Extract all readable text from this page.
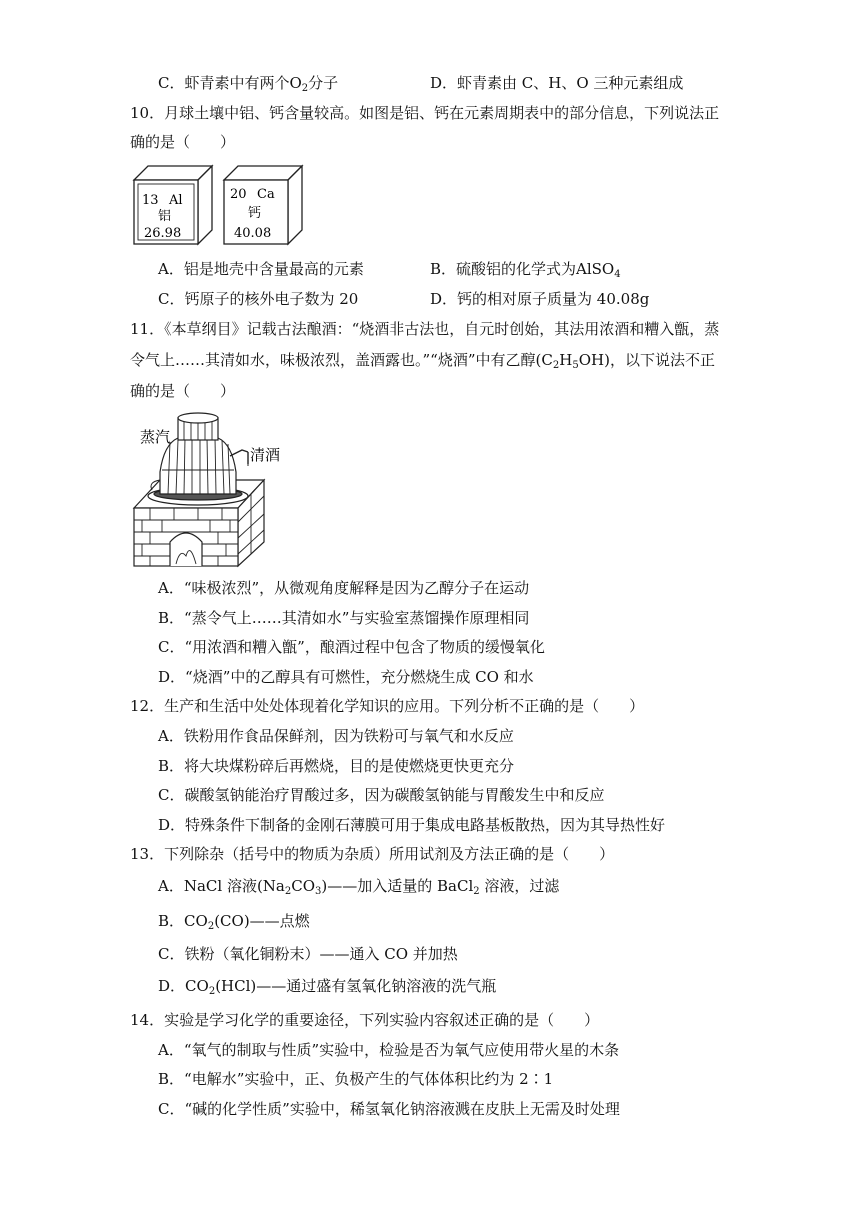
C．虾青素中有两个$O_2$分子	D．虾青素由 C、H、O 三种元素组成
10．月球土壤中铝、钙含量较高。如图是铝、钙在元素周期表中的部分信息，下列说法正
确的是（　　）
13 Al
铝
26.98
20 Ca
钙
40.08
A．铝是地壳中含量最高的元素	B．硫酸铝的化学式为AlSO$_4$
C．钙原子的核外电子数为 20	D．钙的相对原子质量为 40.08g
11．《本草纲目》记载古法酿酒：“烧酒非古法也，自元时创始，其法用浓酒和糟入甑，蒸
令气上……其清如水，味极浓烈，盖酒露也。”“烧酒”中有乙醇$(C_2H_5OH)$，以下说法不正
确的是（　　）
蒸汽
清酒
A．“味极浓烈”，从微观角度解释是因为乙醇分子在运动
B．“蒸令气上……其清如水”与实验室蒸馏操作原理相同
C．“用浓酒和糟入甑”，酿酒过程中包含了物质的缓慢氧化
D．“烧酒”中的乙醇具有可燃性，充分燃烧生成 CO 和水
12．生产和生活中处处体现着化学知识的应用。下列分析不正确的是（　　）
A．铁粉用作食品保鲜剂，因为铁粉可与氧气和水反应
B．将大块煤粉碎后再燃烧，目的是使燃烧更快更充分
C．碳酸氢钠能治疗胃酸过多，因为碳酸氢钠能与胃酸发生中和反应
D．特殊条件下制备的金刚石薄膜可用于集成电路基板散热，因为其导热性好
13．下列除杂（括号中的物质为杂质）所用试剂及方法正确的是（　　）
A．NaCl 溶液$(Na_2CO_3)——$加入适量的 BaCl$_2$ 溶液，过滤
B．$CO_2(CO)——$点燃
C．铁粉（氧化铜粉末）——通入 CO 并加热
D．$CO_2(HCl)——$通过盛有氢氧化钠溶液的洗气瓶
14．实验是学习化学的重要途径，下列实验内容叙述正确的是（　　）
A．“氧气的制取与性质”实验中，检验是否为氧气应使用带火星的木条
B．“电解水”实验中，正、负极产生的气体体积比约为 2∶1
C．“碱的化学性质”实验中，稀氢氧化钠溶液溅在皮肤上无需及时处理
